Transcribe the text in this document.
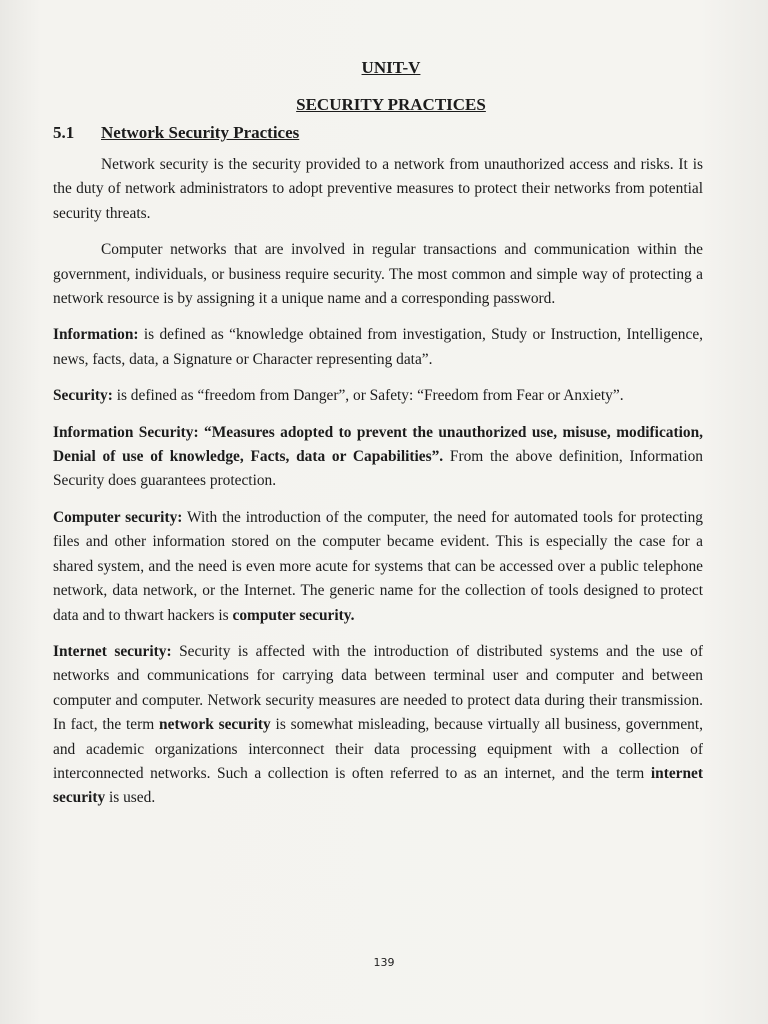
UNIT-V
SECURITY PRACTICES
5.1 Network Security Practices

Network security is the security provided to a network from unauthorized access and risks. It is the duty of network administrators to adopt preventive measures to protect their networks from potential security threats.

Computer networks that are involved in regular transactions and communication within the government, individuals, or business require security. The most common and simple way of protecting a network resource is by assigning it a unique name and a corresponding password.

Information: is defined as “knowledge obtained from investigation, Study or Instruction, Intelligence, news, facts, data, a Signature or Character representing data”.

Security: is defined as “freedom from Danger”, or Safety: “Freedom from Fear or Anxiety”.

Information Security: “Measures adopted to prevent the unauthorized use, misuse, modification, Denial of use of knowledge, Facts, data or Capabilities”. From the above definition, Information Security does guarantees protection.

Computer security: With the introduction of the computer, the need for automated tools for protecting files and other information stored on the computer became evident. This is especially the case for a shared system, and the need is even more acute for systems that can be accessed over a public telephone network, data network, or the Internet. The generic name for the collection of tools designed to protect data and to thwart hackers is computer security.

Internet security: Security is affected with the introduction of distributed systems and the use of networks and communications for carrying data between terminal user and computer and between computer and computer. Network security measures are needed to protect data during their transmission. In fact, the term network security is somewhat misleading, because virtually all business, government, and academic organizations interconnect their data processing equipment with a collection of interconnected networks. Such a collection is often referred to as an internet, and the term internet security is used.

139
